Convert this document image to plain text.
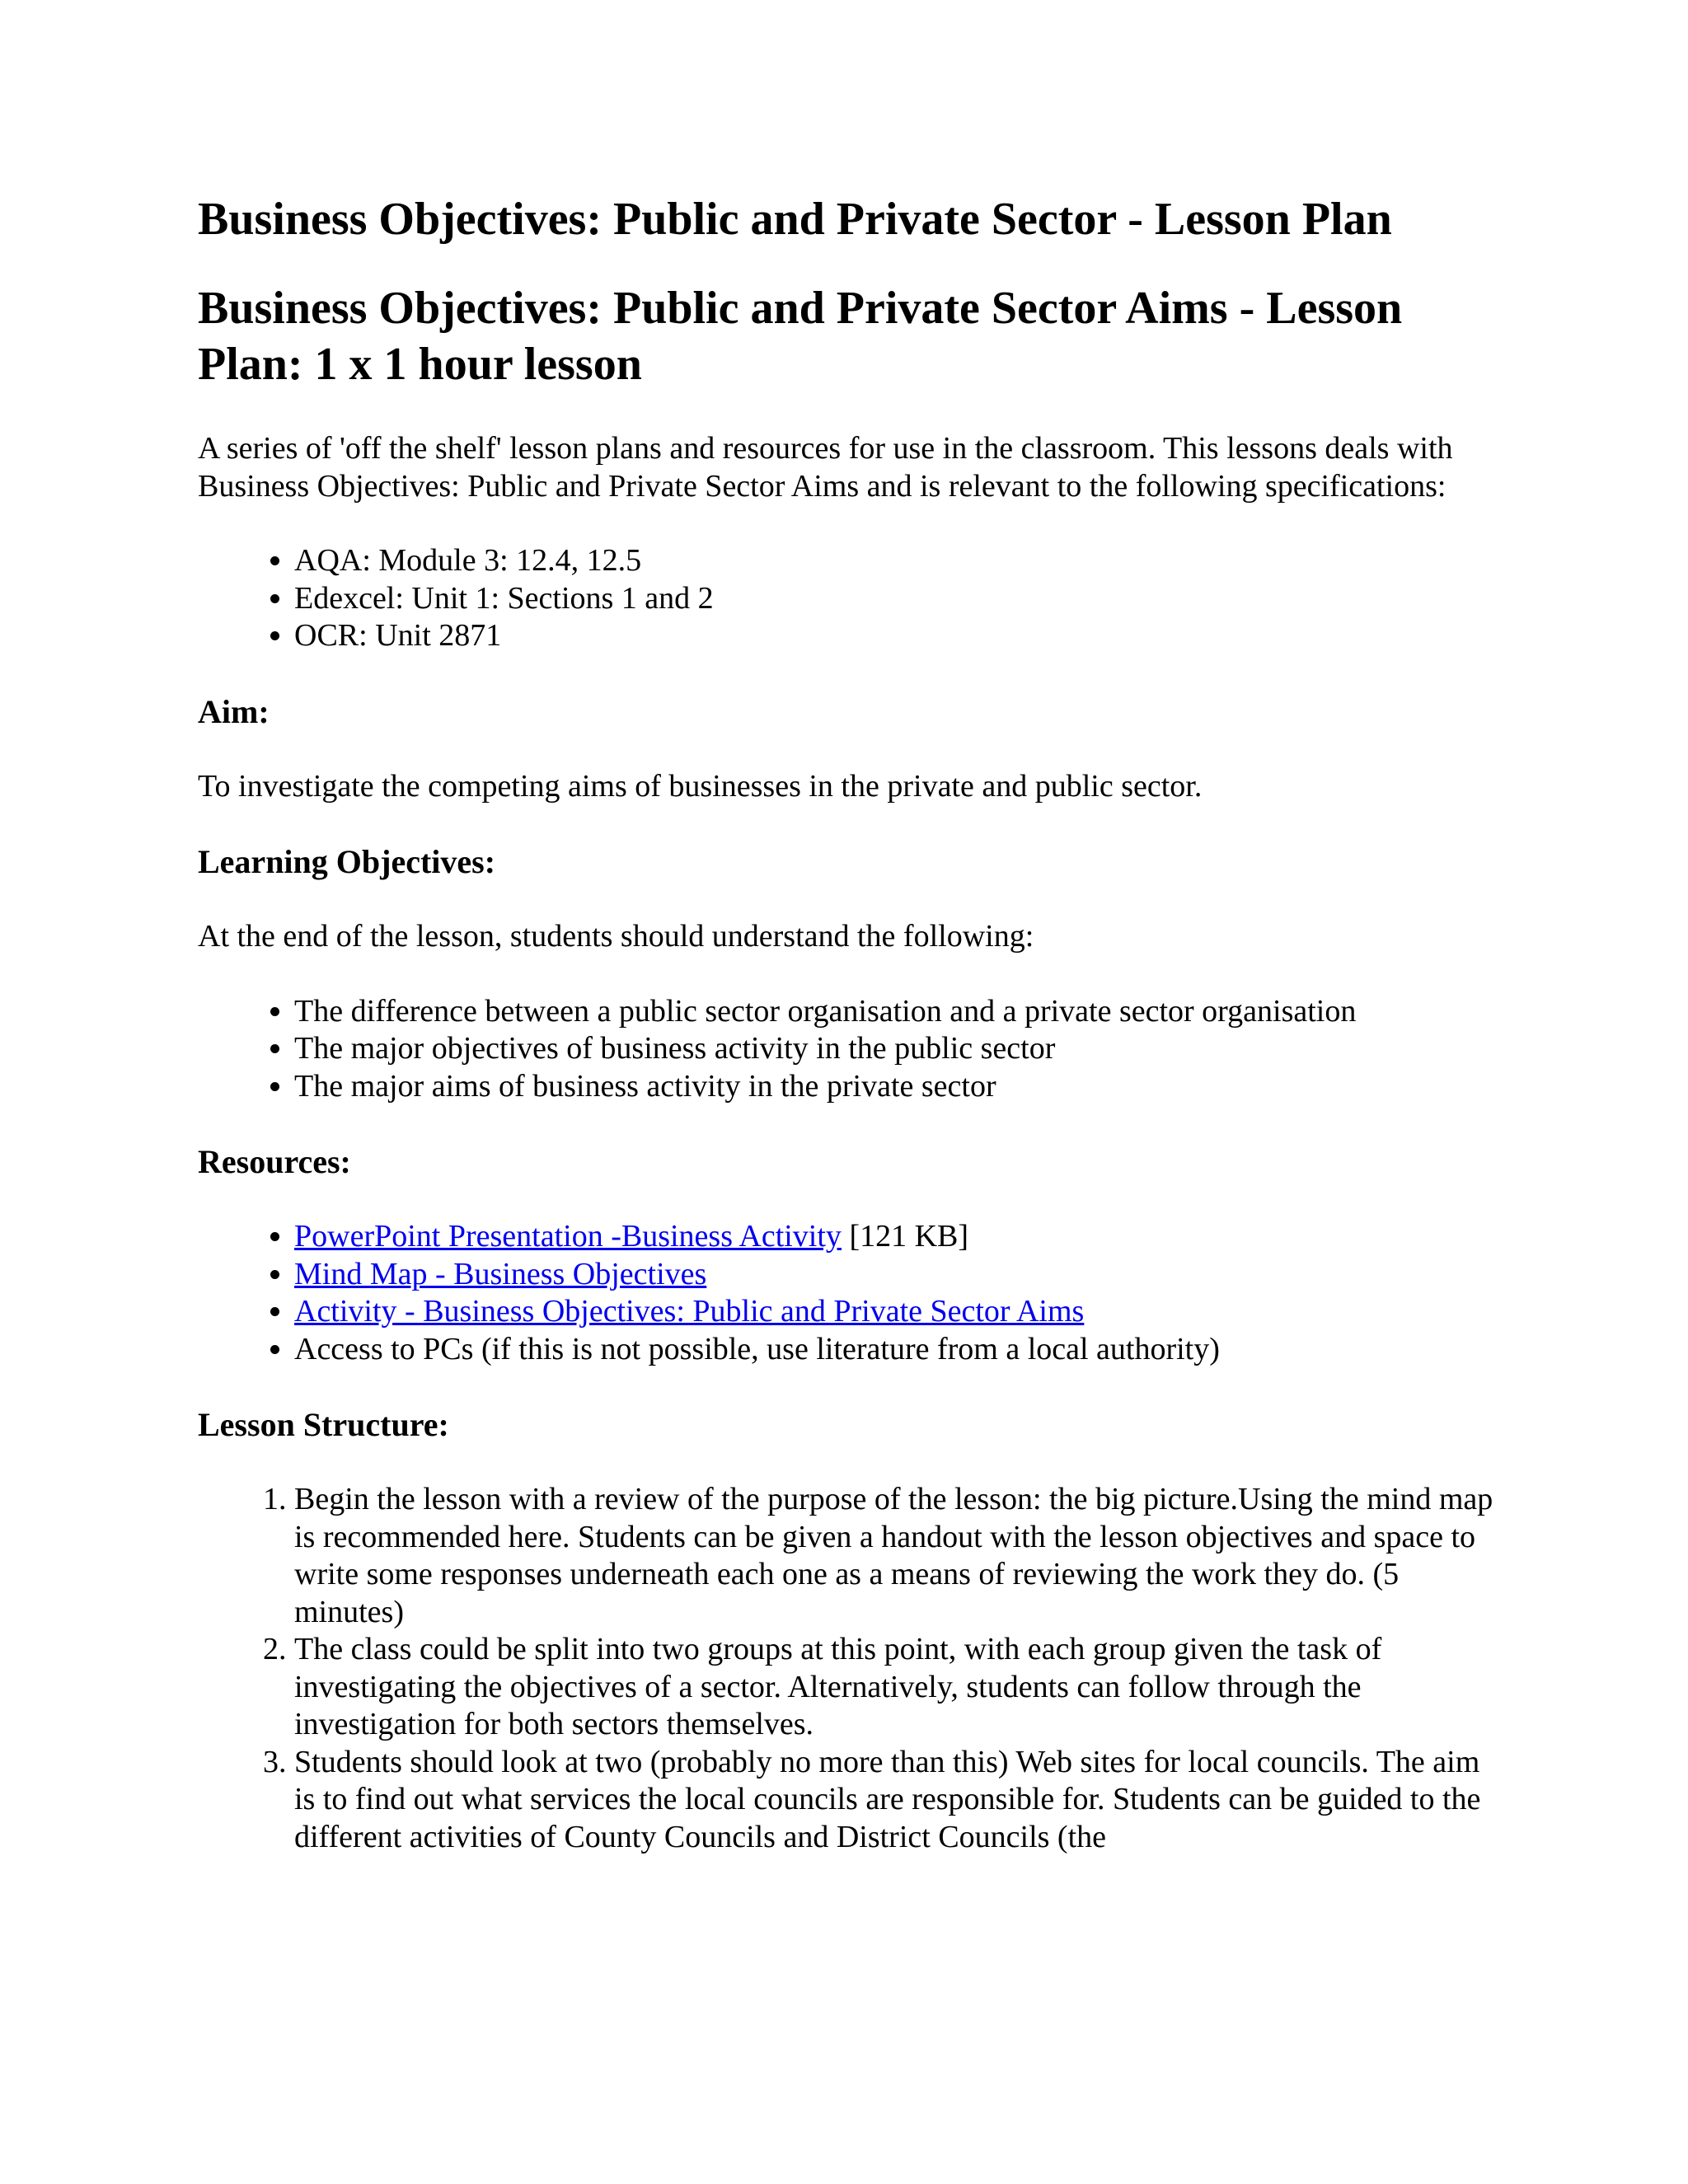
Business Objectives: Public and Private Sector - Lesson Plan
Business Objectives: Public and Private Sector Aims - Lesson Plan: 1 x 1 hour lesson

A series of 'off the shelf' lesson plans and resources for use in the classroom. This lessons deals with Business Objectives: Public and Private Sector Aims and is relevant to the following specifications:

• AQA: Module 3: 12.4, 12.5
• Edexcel: Unit 1: Sections 1 and 2
• OCR: Unit 2871
Aim:

To investigate the competing aims of businesses in the private and public sector.

Learning Objectives:

At the end of the lesson, students should understand the following:

• The difference between a public sector organisation and a private sector organisation
• The major objectives of business activity in the public sector
• The major aims of business activity in the private sector
Resources:
• PowerPoint Presentation -Business Activity [121 KB]
• Mind Map - Business Objectives
• Activity - Business Objectives: Public and Private Sector Aims
• Access to PCs (if this is not possible, use literature from a local authority)
Lesson Structure:
1. Begin the lesson with a review of the purpose of the lesson: the big picture.Using the mind map is recommended here. Students can be given a handout with the lesson objectives and space to write some responses underneath each one as a means of reviewing the work they do. (5 minutes)
2. The class could be split into two groups at this point, with each group given the task of investigating the objectives of a sector. Alternatively, students can follow through the investigation for both sectors themselves.
3. Students should look at two (probably no more than this) Web sites for local councils. The aim is to find out what services the local councils are responsible for. Students can be guided to the different activities of County Councils and District Councils (the
